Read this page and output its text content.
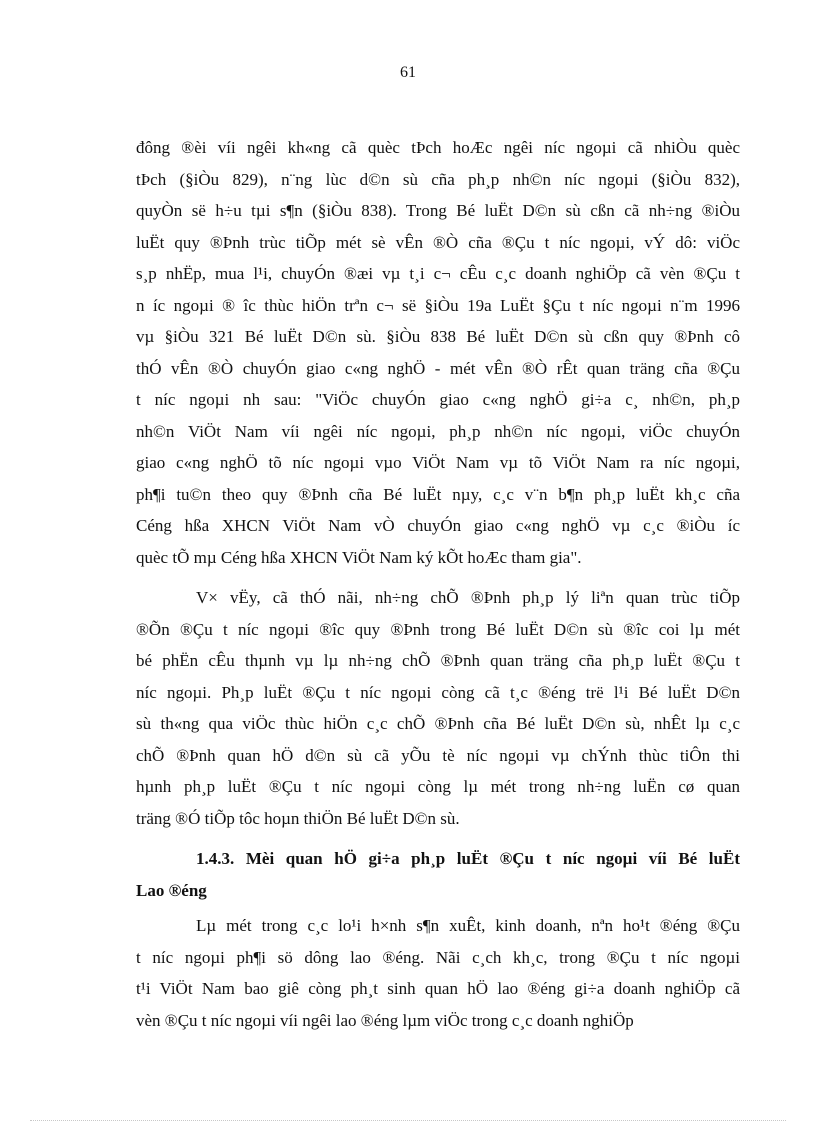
61

đông ®èi víi ngêi kh«ng cã quèc tÞch hoÆc ngêi níc ngoµi cã nhiÒu quèc
tÞch (§iÒu 829), n¨ng lùc d©n sù cña ph¸p nh©n níc ngoµi (§iÒu 832),
quyÒn së h÷u tµi s¶n (§iÒu 838). Trong Bé luËt D©n sù cßn cã nh÷ng ®iÒu
luËt quy ®Þnh trùc tiÕp mét sè vÊn ®Ò cña ®Çu t níc ngoµi, vÝ dô: viÖc
s¸p nhËp, mua l¹i, chuyÓn ®æi vµ t¸i c¬ cÊu c¸c doanh nghiÖp cã vèn ®Çu t
n íc ngoµi ® îc thùc hiÖn trªn c¬ së §iÒu 19a LuËt §Çu t níc ngoµi n¨m 1996
vµ §iÒu 321 Bé luËt D©n sù. §iÒu 838 Bé luËt D©n sù cßn quy ®Þnh cô
thÓ vÊn ®Ò chuyÓn giao c«ng nghÖ - mét vÊn ®Ò rÊt quan träng cña ®Çu
t níc ngoµi nh sau: "ViÖc chuyÓn giao c«ng nghÖ gi÷a c¸ nh©n, ph¸p
nh©n ViÖt Nam víi ngêi níc ngoµi, ph¸p nh©n níc ngoµi, viÖc chuyÓn
giao c«ng nghÖ tõ níc ngoµi vµo ViÖt Nam vµ tõ ViÖt Nam ra níc ngoµi,
ph¶i tu©n theo quy ®Þnh cña Bé luËt nµy, c¸c v¨n b¶n ph¸p luËt kh¸c cña
Céng hßa XHCN ViÖt Nam vÒ chuyÓn giao c«ng nghÖ vµ c¸c ®iÒu íc
quèc tÕ mµ Céng hßa XHCN ViÖt Nam ký kÕt hoÆc tham gia".

V× vËy, cã thÓ nãi, nh÷ng chÕ ®Þnh ph¸p lý liªn quan trùc tiÕp
®Õn ®Çu t níc ngoµi ®îc quy ®Þnh trong Bé luËt D©n sù ®îc coi lµ mét
bé phËn cÊu thµnh vµ lµ nh÷ng chÕ ®Þnh quan träng cña ph¸p luËt ®Çu t
níc ngoµi. Ph¸p luËt ®Çu t níc ngoµi còng cã t¸c ®éng trë l¹i Bé luËt D©n
sù th«ng qua viÖc thùc hiÖn c¸c chÕ ®Þnh cña Bé luËt D©n sù, nhÊt lµ c¸c
chÕ ®Þnh quan hÖ d©n sù cã yÕu tè níc ngoµi vµ chÝnh thùc tiÔn thi
hµnh ph¸p luËt ®Çu t níc ngoµi còng lµ mét trong nh÷ng luËn cø quan
träng ®Ó tiÕp tôc hoµn thiÖn Bé luËt D©n sù.

1.4.3. Mèi quan hÖ gi÷a ph¸p luËt ®Çu t níc ngoµi víi Bé luËt
Lao ®éng

Lµ mét trong c¸c lo¹i h×nh s¶n xuÊt, kinh doanh, nªn ho¹t ®éng ®Çu
t níc ngoµi ph¶i sö dông lao ®éng. Nãi c¸ch kh¸c, trong ®Çu t níc ngoµi
t¹i ViÖt Nam bao giê còng ph¸t sinh quan hÖ lao ®éng gi÷a doanh nghiÖp cã
vèn ®Çu t níc ngoµi víi ngêi lao ®éng lµm viÖc trong c¸c doanh nghiÖp
